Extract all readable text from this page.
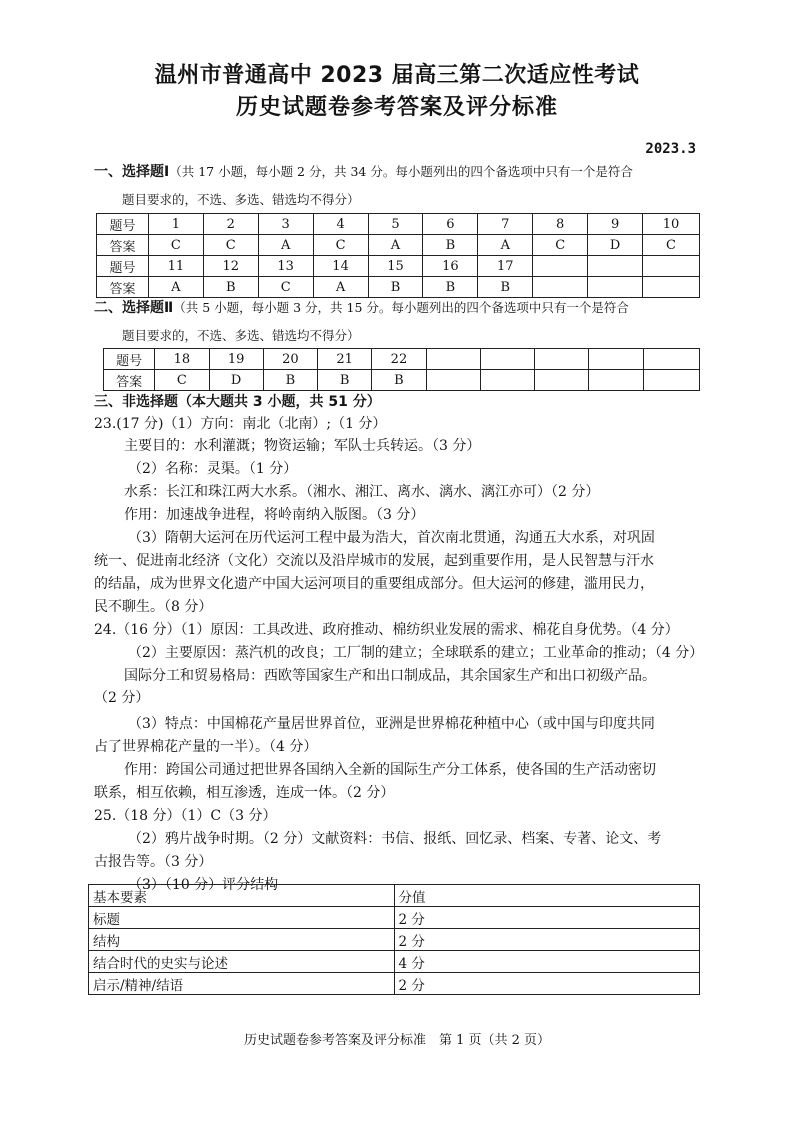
温州市普通高中 2023 届高三第二次适应性考试
历史试题卷参考答案及评分标准
2023.3
一、选择题Ⅰ（共 17 小题，每小题 2 分，共 34 分。每小题列出的四个备选项中只有一个是符合
题目要求的，不选、多选、错选均不得分）
题号	1	2	3	4	5	6	7	8	9	10
答案	C	C	A	C	A	B	A	C	D	C
题号	11	12	13	14	15	16	17			
答案	A	B	C	A	B	B	B			
二、选择题Ⅱ（共 5 小题，每小题 3 分，共 15 分。每小题列出的四个备选项中只有一个是符合
题目要求的，不选、多选、错选均不得分）
题号	18	19	20	21	22					
答案	C	D	B	B	B					
三、非选择题（本大题共 3 小题，共 51 分）
23.(17 分)（1）方向：南北（北南）;（1 分）
主要目的：水利灌溉；物资运输；军队士兵转运。（3 分）
（2）名称：灵渠。（1 分）
水系：长江和珠江两大水系。（湘水、湘江、离水、漓水、漓江亦可）（2 分）
作用：加速战争进程，将岭南纳入版图。（3 分）
（3）隋朝大运河在历代运河工程中最为浩大，首次南北贯通，沟通五大水系，对巩固
统一、促进南北经济（文化）交流以及沿岸城市的发展，起到重要作用，是人民智慧与汗水
的结晶，成为世界文化遗产中国大运河项目的重要组成部分。但大运河的修建，滥用民力，
民不聊生。（8 分）
24.（16 分）（1）原因：工具改进、政府推动、棉纺织业发展的需求、棉花自身优势。（4 分）
（2）主要原因：蒸汽机的改良；工厂制的建立；全球联系的建立；工业革命的推动；（4 分）
国际分工和贸易格局：西欧等国家生产和出口制成品，其余国家生产和出口初级产品。
（2 分）
（3）特点：中国棉花产量居世界首位，亚洲是世界棉花种植中心（或中国与印度共同
占了世界棉花产量的一半）。（4 分）
作用：跨国公司通过把世界各国纳入全新的国际生产分工体系，使各国的生产活动密切
联系，相互依赖，相互渗透，连成一体。（2 分）
25.（18 分）（1）C（3 分）
（2）鸦片战争时期。（2 分）文献资料：书信、报纸、回忆录、档案、专著、论文、考
古报告等。（3 分）
（3）（10 分）评分结构
基本要素	分值
标题	2 分
结构	2 分
结合时代的史实与论述	4 分
启示/精神/结语	2 分
历史试题卷参考答案及评分标准　第 1 页（共 2 页）
